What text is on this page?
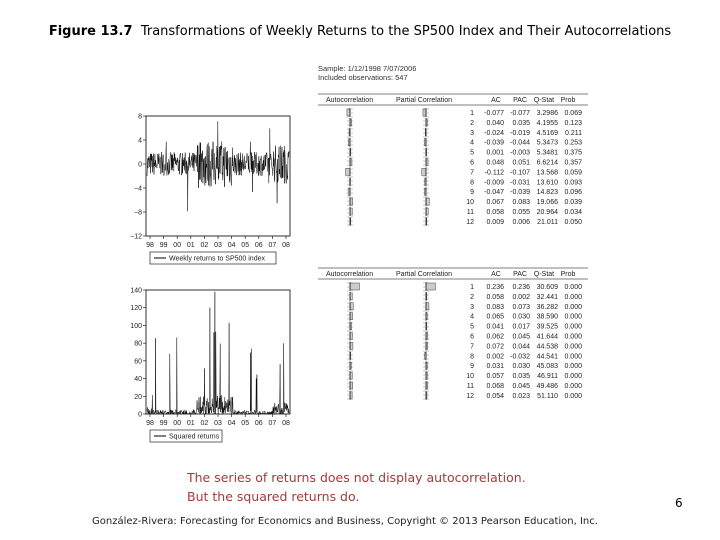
Figure 13.7 Transformations of Weekly Returns to the SP500 Index and Their Autocorrelations
Sample: 1/12/1998 7/07/2006
Included observations: 547
8
4
0
−4
−8
−12
98 99 00 01 02 03 04 05 06 07 08
Weekly returns to SP500 index
140
120
100
80
60
40
20
0
98 99 00 01 02 03 04 05 06 07 08
Squared returns
Autocorrelation	Partial Correlation	AC PAC Q-Stat Prob
1 -0.077 -0.077 3.2986 0.069
2 0.040 0.035 4.1955 0.123
3 -0.024 -0.019 4.5169 0.211
4 -0.039 -0.044 5.3473 0.253
5 0.001 -0.003 5.3481 0.375
6 0.048 0.051 6.6214 0.357
7 -0.112 -0.107 13.568 0.059
8 -0.009 -0.031 13.610 0.093
9 -0.047 -0.039 14.823 0.096
10 0.067 0.083 19.066 0.039
11 0.058 0.055 20.964 0.034
12 0.009 0.006 21.011 0.050
Autocorrelation	Partial Correlation	AC PAC Q-Stat Prob
1 0.236 0.236 30.609 0.000
2 0.058 0.002 32.441 0.000
3 0.083 0.073 36.282 0.000
4 0.065 0.030 38.590 0.000
5 0.041 0.017 39.525 0.000
6 0.062 0.045 41.644 0.000
7 0.072 0.044 44.538 0.000
8 0.002 -0.032 44.541 0.000
9 0.031 0.030 45.083 0.000
10 0.057 0.035 46.911 0.000
11 0.068 0.045 49.486 0.000
12 0.054 0.023 51.110 0.000
The series of returns does not display autocorrelation.
But the squared returns do.	6
González-Rivera: Forecasting for Economics and Business, Copyright © 2013 Pearson Education, Inc.
